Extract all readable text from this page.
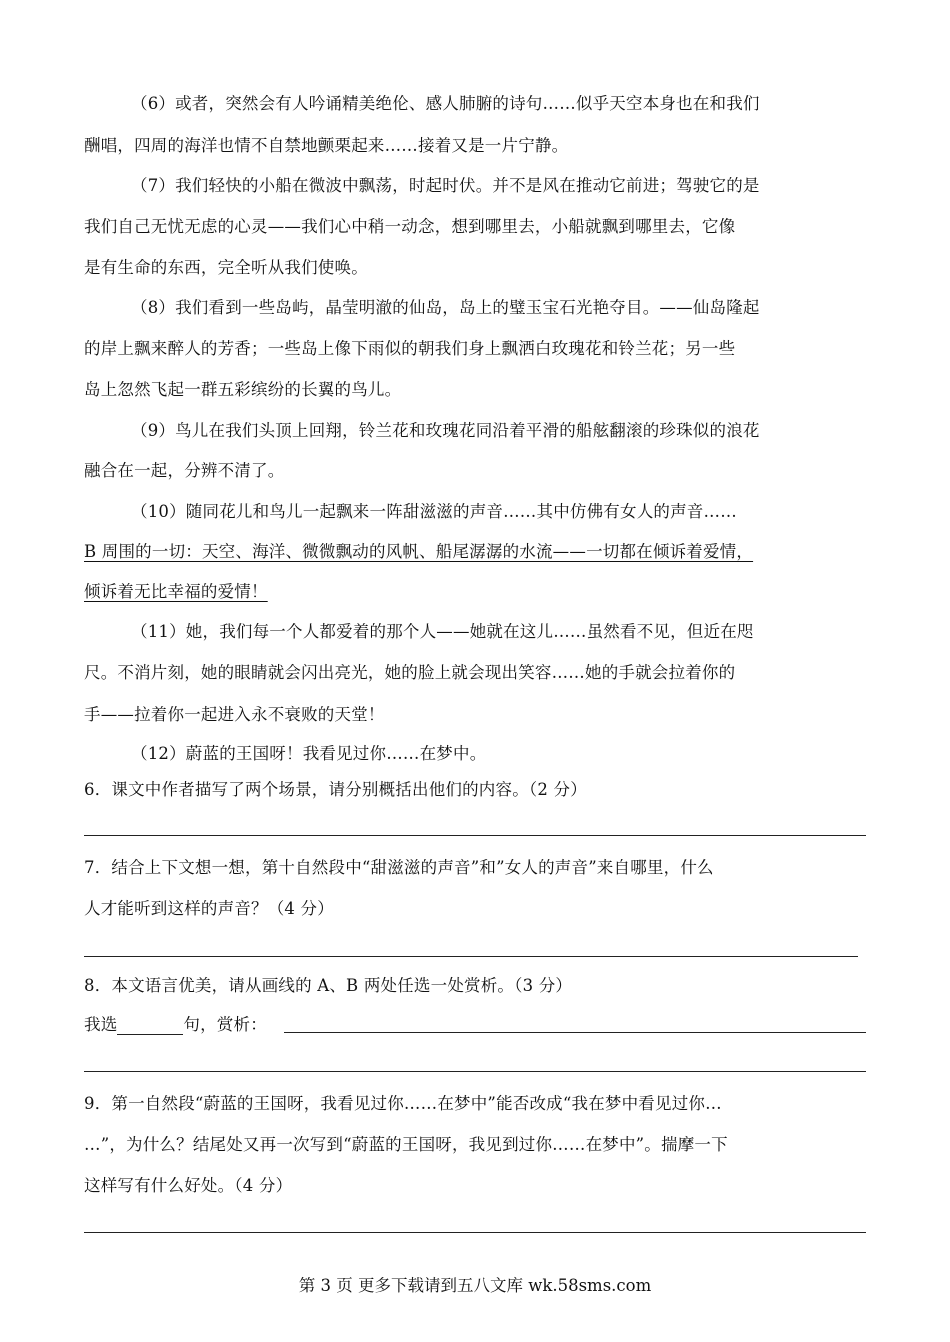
（6）或者，突然会有人吟诵精美绝伦、感人肺腑的诗句……似乎天空本身也在和我们
酬唱，四周的海洋也情不自禁地颤栗起来……接着又是一片宁静。
（7）我们轻快的小船在微波中飘荡，时起时伏。并不是风在推动它前进；驾驶它的是
我们自己无忧无虑的心灵——我们心中稍一动念，想到哪里去，小船就飘到哪里去，它像
是有生命的东西，完全听从我们使唤。
（8）我们看到一些岛屿，晶莹明澈的仙岛，岛上的璧玉宝石光艳夺目。——仙岛隆起
的岸上飘来醉人的芳香；一些岛上像下雨似的朝我们身上飘洒白玫瑰花和铃兰花；另一些
岛上忽然飞起一群五彩缤纷的长翼的鸟儿。
（9）鸟儿在我们头顶上回翔，铃兰花和玫瑰花同沿着平滑的船舷翻滚的珍珠似的浪花
融合在一起，分辨不清了。
（10）随同花儿和鸟儿一起飘来一阵甜滋滋的声音……其中仿佛有女人的声音……
B 周围的一切：天空、海洋、微微飘动的风帆、船尾潺潺的水流——一切都在倾诉着爱情，
倾诉着无比幸福的爱情！
（11）她，我们每一个人都爱着的那个人——她就在这儿……虽然看不见，但近在咫
尺。不消片刻，她的眼睛就会闪出亮光，她的脸上就会现出笑容……她的手就会拉着你的
手——拉着你一起进入永不衰败的天堂！
（12）蔚蓝的王国呀！我看见过你……在梦中。
6．课文中作者描写了两个场景，请分别概括出他们的内容。（2 分）
7．结合上下文想一想，第十自然段中“甜滋滋的声音”和”女人的声音”来自哪里，什么
人才能听到这样的声音？（4 分）
8．本文语言优美，请从画线的 A、B 两处任选一处赏析。（3 分）
我选	句，赏析：
9．第一自然段“蔚蓝的王国呀，我看见过你……在梦中”能否改成“我在梦中看见过你…
…”，为什么？结尾处又再一次写到“蔚蓝的王国呀，我见到过你……在梦中”。揣摩一下
这样写有什么好处。（4 分）
第 3 页 更多下载请到五八文库 wk.58sms.com
